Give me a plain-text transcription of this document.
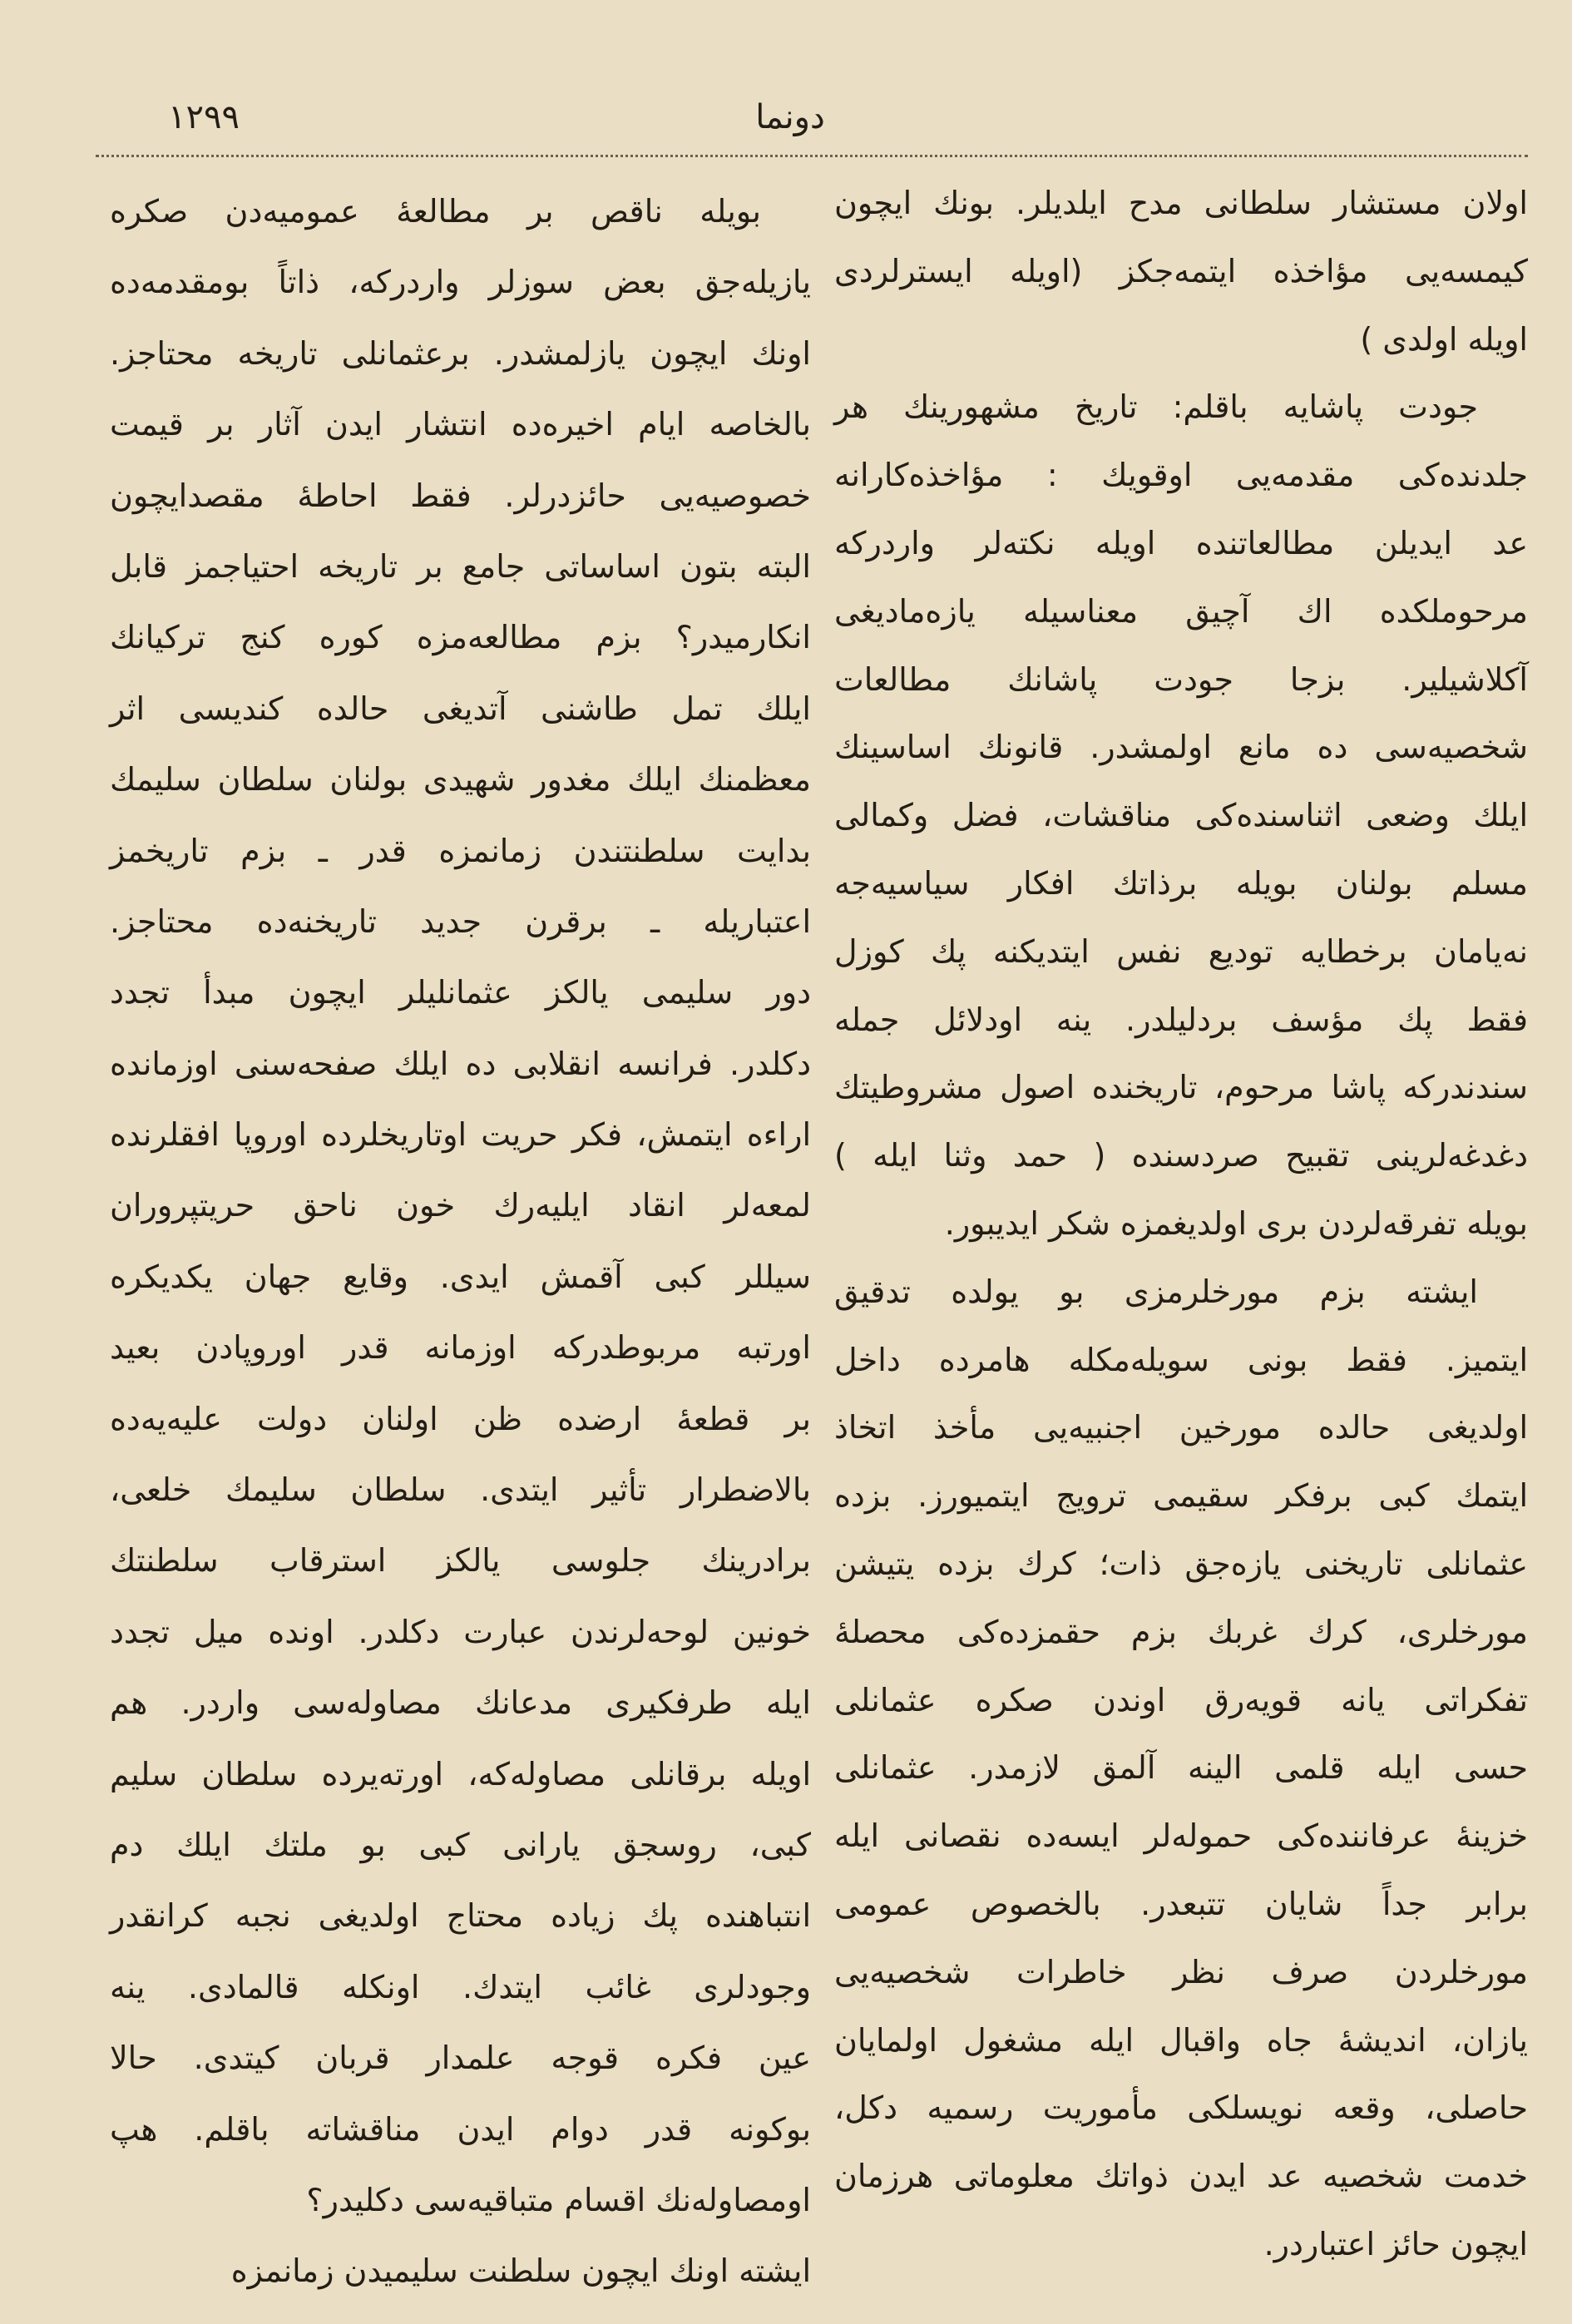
دونما
١٢٩٩
اولان مستشار سلطانی مدح ایلدیلر. بونك ایچون
کیمسه‌یی مؤاخذه ایتمه‌جکز (اویله ایسترلردی
اویله اولدی )
جودت پاشایه باقلم: تاریخ مشهورینك هر
جلدنده‌کی مقدمه‌یی اوقویك : مؤاخذه‌کارانه
عد ایدیلن مطالعاتنده اویله نکته‌لر واردرکه
مرحوملکده اك آچیق معناسیله یازه‌مادیغی
آکلاشیلیر. بزجا جودت پاشانك مطالعات
شخصیه‌سی ده مانع اولمشدر. قانونك اساسینك
ایلك وضعی اثناسنده‌کی مناقشات، فضل وکمالی
مسلم بولنان بویله برذاتك افکار سیاسیه‌جه
نه‌یامان برخطایه تودیع نفس ایتدیکنه پك کوزل
فقط پك مؤسف بردلیلدر. ینه اودلائل جمله‌
سندندرکه پاشا مرحوم، تاریخنده اصول مشروطیتك
دغدغه‌لرینی تقبیح صردسنده ( حمد وثنا ایله )
بویله تفرقه‌لردن بری اولدیغمزه شکر ایدیبور.
ایشته بزم مورخلرمزی بو یولده تدقیق
ایتمیز. فقط بونی سویله‌مکله هامرده داخل
اولدیغی حالده مورخین اجنبیه‌یی مأخذ اتخاذ
ایتمك کبی برفکر سقیمی ترویج ایتمیورز. بزده
عثمانلی تاریخنی یازه‌جق ذات؛ کرك بزده یتیشن
مورخلری، کرك غربك بزم حقمزده‌کی محصلهٔ
تفکراتی یانه قویه‌رق اوندن صکره عثمانلی
حسی ایله قلمی الینه آلمق لازمدر. عثمانلی
خزینهٔ عرفاننده‌کی حموله‌لر ایسه‌ده نقصانی ایله
برابر جداً شایان تتبعدر. بالخصوص عمومی
مورخلردن صرف نظر خاطرات شخصیه‌یی
یازان، اندیشهٔ جاه واقبال ایله مشغول اولمایان
حاصلی، وقعه نویسلکی مأموریت رسمیه دکل،
خدمت شخصیه عد ایدن ذواتك معلوماتی هرزمان
ایچون حائز اعتباردر.
بویله ناقص بر مطالعهٔ عمومیه‌دن صکره
یازیله‌جق بعض سوزلر واردرکه، ذاتاً بومقدمه‌ده
اونك ایچون یازلمشدر. برعثمانلی تاریخه محتاجز.
بالخاصه ایام اخیره‌ده انتشار ایدن آثار بر قیمت
خصوصیه‌یی حائزدرلر. فقط احاطهٔ مقصدایچون
البته بتون اساساتی جامع بر تاریخه احتیاجمز قابل
انکارمیدر؟ بزم مطالعه‌مزه کوره کنج ترکیانك
ایلك تمل طاشنی آتدیغی حالده کندیسی اثر
معظمنك ایلك مغدور شهیدی بولنان سلطان سلیمك
بدایت سلطنتندن زمانمزه قدر ـ بزم تاریخمز
اعتباریله ـ برقرن جدید تاریخنه‌ده محتاجز.
دور سلیمی یالکز عثمانلیلر ایچون مبدأ تجدد
دکلدر. فرانسه انقلابی ده ایلك صفحه‌سنی اوزمانده
اراءه ایتمش، فکر حریت اوتاریخلرده اوروپا افقلرنده
لمعه‌لر انقاد ایلیه‌رك خون ناحق حریتپروران
سیللر کبی آقمش ایدی. وقایع جهان یکدیکره
اورتبه مربوطدرکه اوزمانه قدر اوروپادن بعید
بر قطعهٔ ارضده ظن اولنان دولت علیه‌یه‌ده
بالاضطرار تأثیر ایتدی. سلطان سلیمك خلعی،
برادرینك جلوسی یالکز استرقاب سلطنتك
خونین لوحه‌لرندن عبارت دکلدر. اونده میل تجدد
ایله طرفکیری مدعانك مصاوله‌سی واردر. هم
اویله برقانلی مصاوله‌که، اورته‌یرده سلطان سلیم
کبی، روسجق یارانی کبی بو ملتك ایلك دم
انتباهنده پك زیاده محتاج اولدیغی نجبه کرانقدر
وجودلری غائب ایتدك. اونکله قالمادی. ینه
عین فکره قوجه علمدار قربان کیتدی. حالا
بوکونه قدر دوام ایدن مناقشاته باقلم. هپ
اومصاوله‌نك اقسام متباقیه‌سی دکلیدر؟
ایشته اونك ایچون سلطنت سلیمیدن زمانمزه
